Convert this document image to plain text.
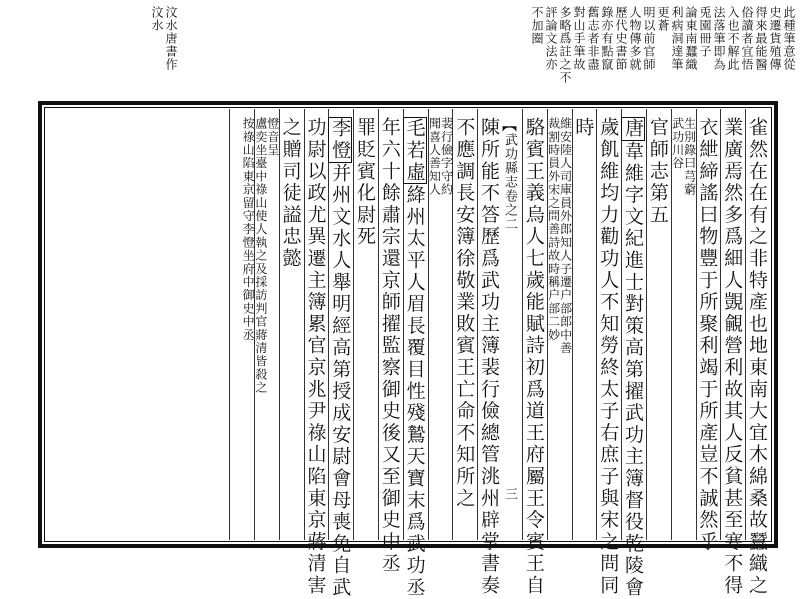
此種筆意從
史遷貨殖傳
得來最能醫
俗讀者宜悟
入也不解此
法落筆即為
兎園冊子
論東南蠶織
利病洞達筆
更蒼
明以前官師
人物傳多就
歷代史書節
錄亦有點竄
舊志者非盡
對山手筆故
多略爲註之不
評論文法亦
不加圈
汶水唐書作
汶水
雀然在在有之非特產也地東南大宜木綿桑故蠶織之
業廣焉然多爲細人覬覦營利故其人反貧甚至寒不得
衣紲締謠曰物豐于所聚利竭于所產豈不誠然乎
生別錄曰芎藭
武功川谷
官師志第五
唐韋維字文紀進士對策高第擢武功主簿督役乾陵會
歲飢維均力勸功人不知勞終太子右庶子與宋之問同
時
維安陸人司庫員外郎知人子遷户部郎中善
裁割時員外宋之問善詩故時稱户部二妙
駱賓王義烏人七歲能賦詩初爲道王府屬王令賓王自
【武功縣志卷之二
三
陳所能不答歷爲武功主簿裴行儉總管洮州辟掌書奏
不應調長安簿徐敬業敗賓王亡命不知所之
裴行儉字守約
聞喜人善知人
毛若虛絳州太平人眉長覆目性殘鷙天寶末爲武功丞
年六十餘肅宗還京師擢監察御史後又至御史中丞
罪貶賓化尉死
李憕并州文水人舉明經高第授成安尉會母喪免自武
功尉以政尤異遷主簿累官京兆尹祿山陷東京蔣清害
之贈司徒謚忠懿
憕音呈
盧奕坐臺中祿山使人執之及採訪判官蔣清皆殺之
按祿山陷東京留守李憕坐府中御史中丞
